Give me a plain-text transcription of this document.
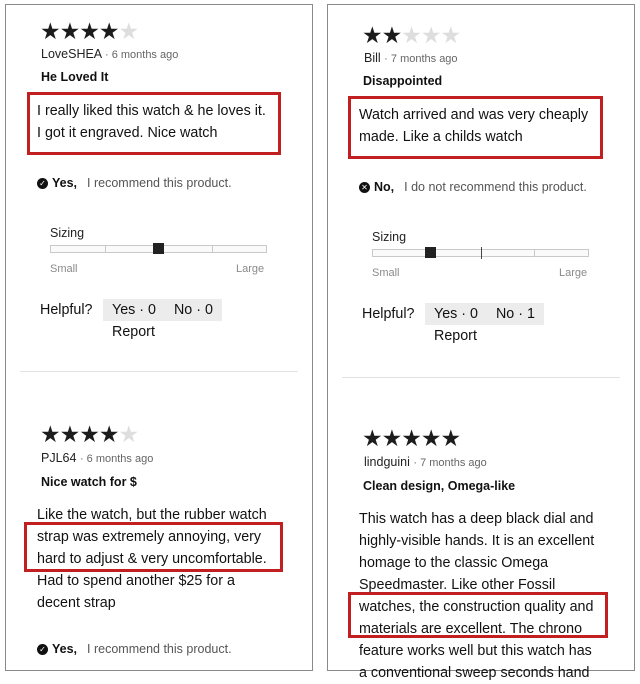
★★★★★
LoveSHEA · 6 months ago
He Loved It
I really liked this watch & he loves it.
I got it engraved. Nice watch
✓ Yes, I recommend this product.
Sizing
Small	Large
Helpful?	Yes · 0	No · 0
Report
★★★★★
PJL64 · 6 months ago
Nice watch for $
Like the watch, but the rubber watch
strap was extremely annoying, very
hard to adjust & very uncomfortable.
Had to spend another $25 for a
decent strap
✓ Yes, I recommend this product.
★★★★★
Bill · 7 months ago
Disappointed
Watch arrived and was very cheaply
made. Like a childs watch
✕ No, I do not recommend this product.
Sizing
Small	Large
Helpful?	Yes · 0	No · 1
Report
★★★★★
lindguini · 7 months ago
Clean design, Omega-like
This watch has a deep black dial and
highly-visible hands. It is an excellent
homage to the classic Omega
Speedmaster. Like other Fossil
watches, the construction quality and
materials are excellent. The chrono
feature works well but this watch has
a conventional sweep seconds hand
